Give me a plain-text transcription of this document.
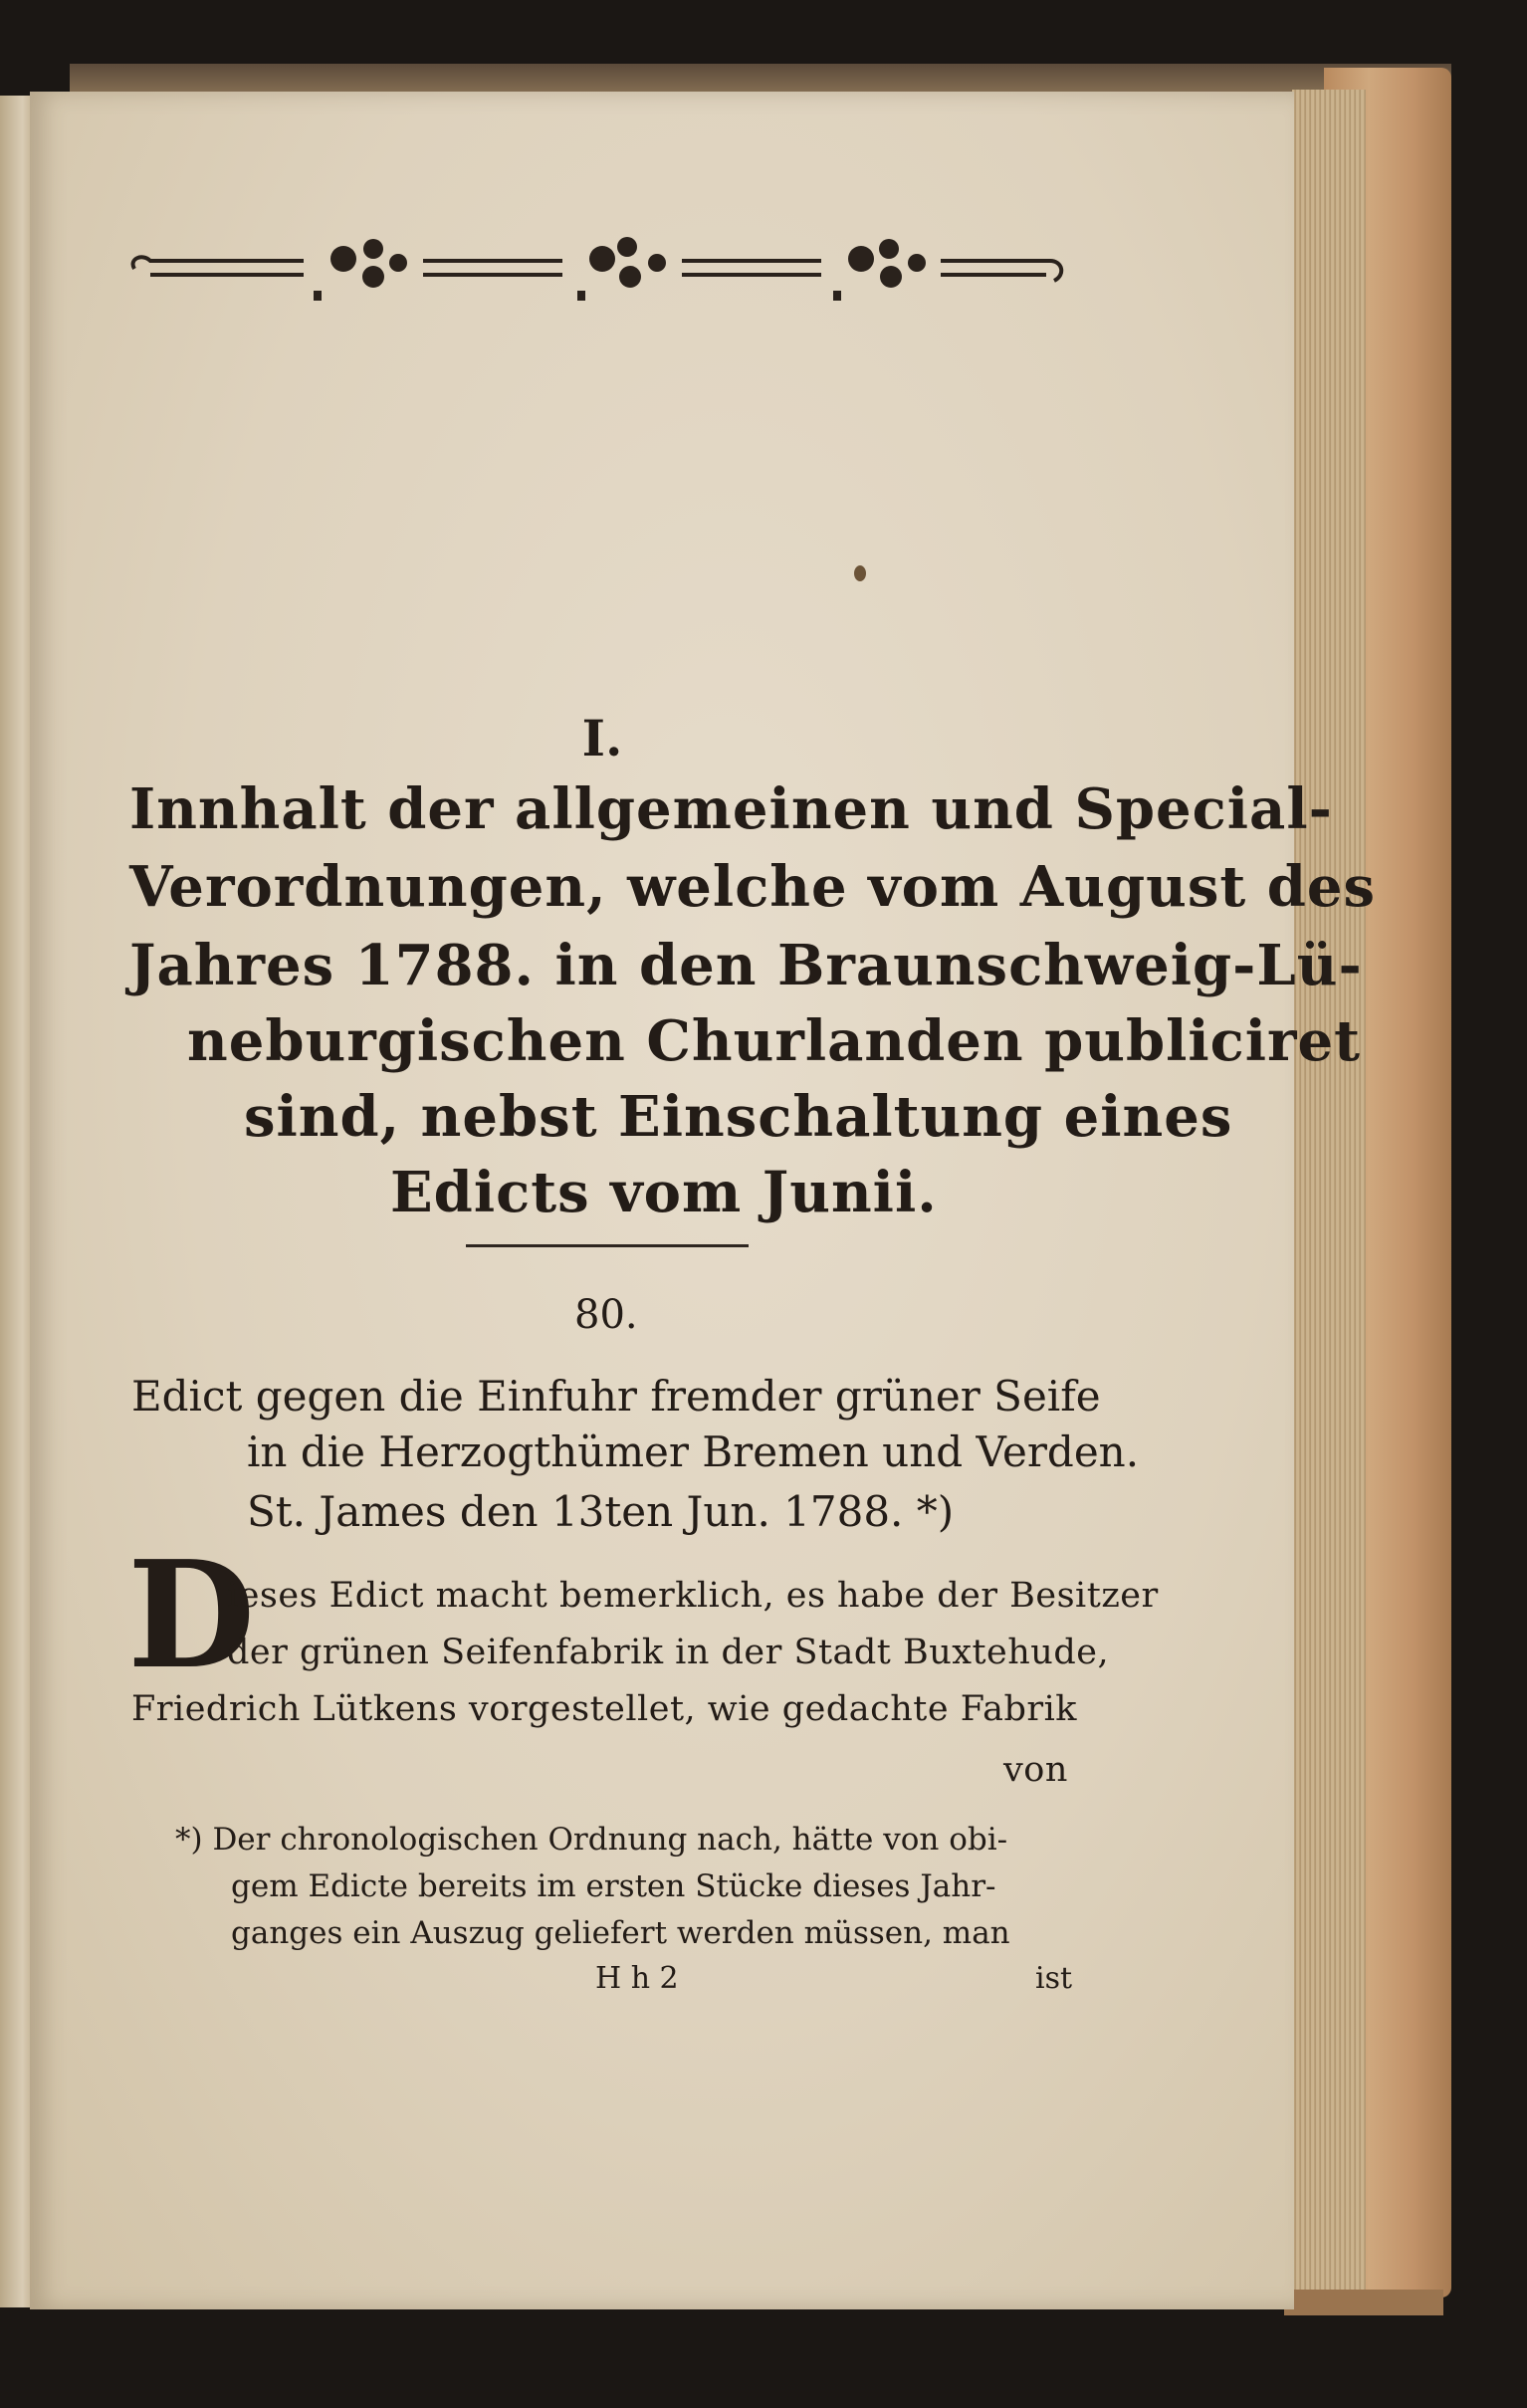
I.
Innhalt der allgemeinen und Special-
Verordnungen, welche vom August des
Jahres 1788. in den Braunschweig-Lü-
neburgischen Churlanden publiciret
sind, nebst Einschaltung eines
Edicts vom Junii.
80.
Edict gegen die Einfuhr fremder grüner Seife
in die Herzogthümer Bremen und Verden.
St. James den 13ten Jun. 1788. *)
D
ieses Edict macht bemerklich, es habe der Besitzer
der grünen Seifenfabrik in der Stadt Buxtehude,
Friedrich Lütkens vorgestellet, wie gedachte Fabrik
von
*) Der chronologischen Ordnung nach, hätte von obi-
gem Edicte bereits im ersten Stücke dieses Jahr-
ganges ein Auszug geliefert werden müssen, man
H h 2	ist
